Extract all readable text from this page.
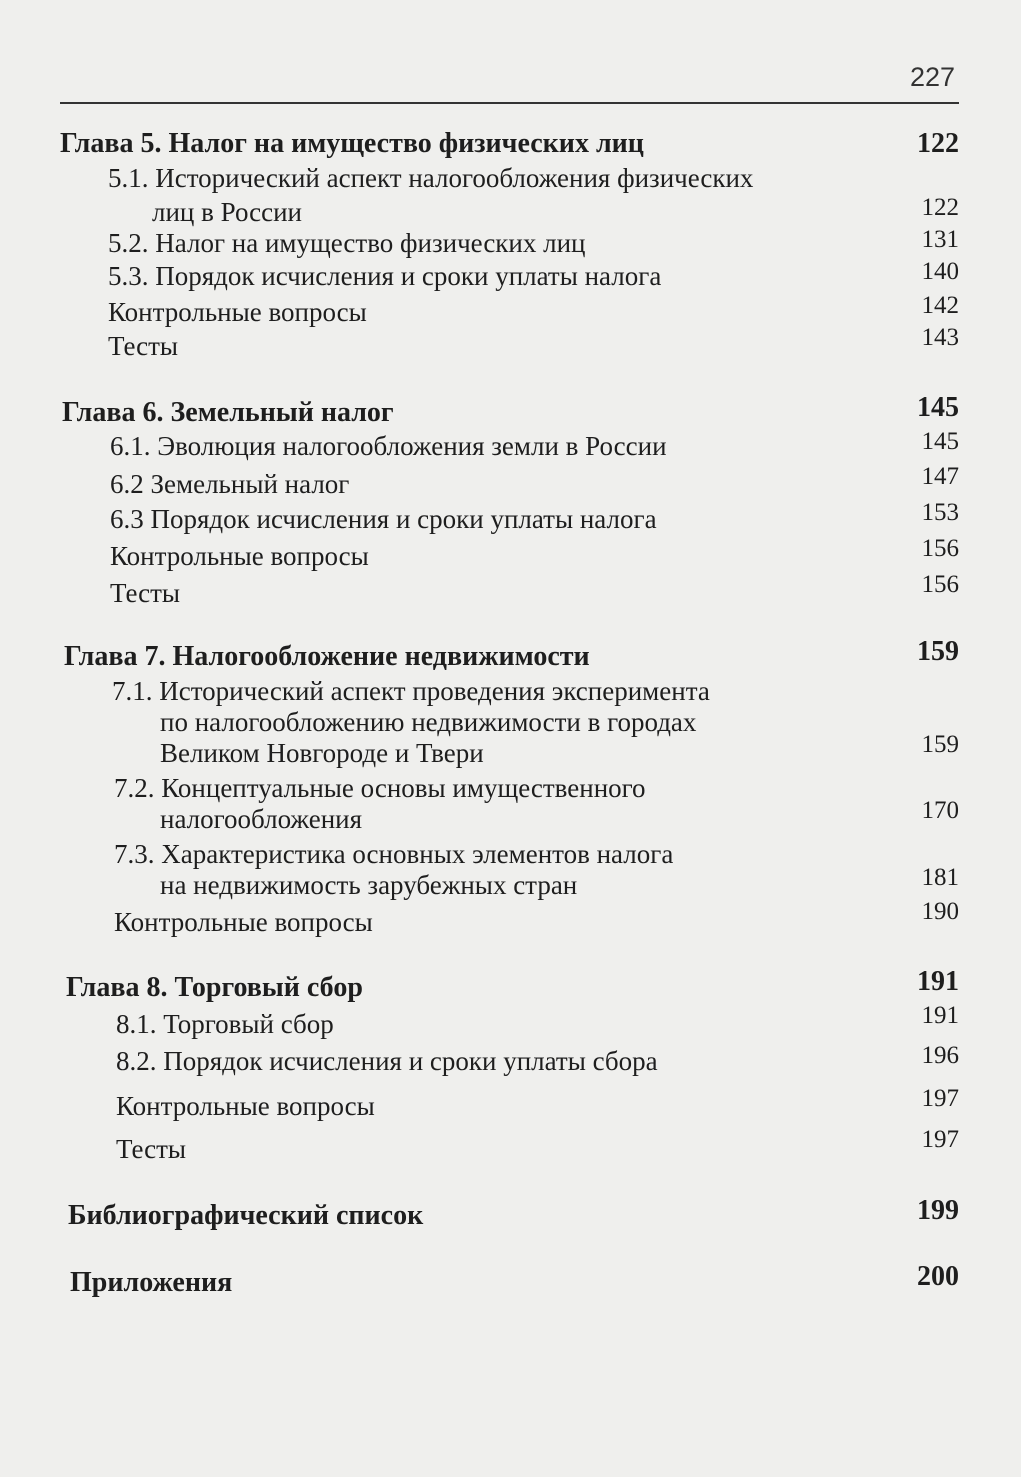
227
Глава 5. Налог на имущество физических лиц	122
5.1. Исторический аспект налогообложения физических
лиц в России	122
5.2. Налог на имущество физических лиц	131
5.3. Порядок исчисления и сроки уплаты налога	140
Контрольные вопросы	142
Тесты	143
Глава 6. Земельный налог	145
6.1. Эволюция налогообложения земли в России	145
6.2 Земельный налог	147
6.3 Порядок исчисления и сроки уплаты налога	153
Контрольные вопросы	156
Тесты	156
Глава 7. Налогообложение недвижимости	159
7.1. Исторический аспект проведения эксперимента
по налогообложению недвижимости в городах
Великом Новгороде и Твери	159
7.2. Концептуальные основы имущественного
налогообложения	170
7.3. Характеристика основных элементов налога
на недвижимость зарубежных стран	181
Контрольные вопросы	190
Глава 8. Торговый сбор	191
8.1. Торговый сбор	191
8.2. Порядок исчисления и сроки уплаты сбора	196
Контрольные вопросы	197
Тесты	197
Библиографический список	199
Приложения	200
